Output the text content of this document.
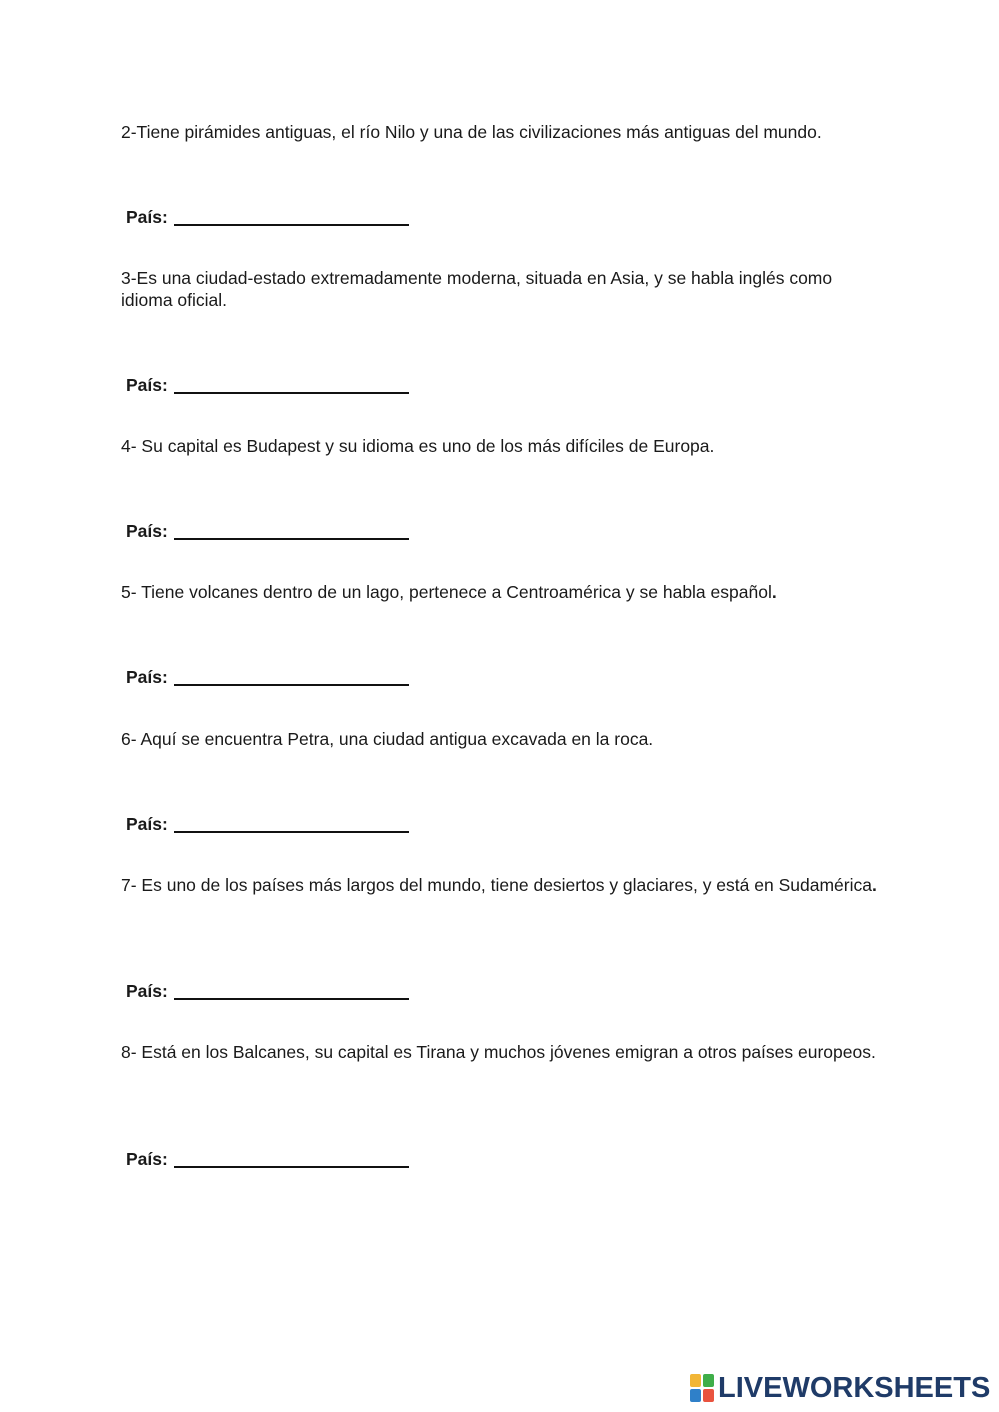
2-Tiene pirámides antiguas, el río Nilo y una de las civilizaciones más antiguas del mundo.

País:

3-Es una ciudad-estado extremadamente moderna, situada en Asia, y se habla inglés como idioma oficial.

País:

4- Su capital es Budapest y su idioma es uno de los más difíciles de Europa.

País:

5- Tiene volcanes dentro de un lago, pertenece a Centroamérica y se habla español.

País:

6- Aquí se encuentra Petra, una ciudad antigua excavada en la roca.

País:

7- Es uno de los países más largos del mundo, tiene desiertos y glaciares, y está en Sudamérica.

País:

8- Está en los Balcanes, su capital es Tirana y muchos jóvenes emigran a otros países europeos.

País:
LIVEWORKSHEETS
